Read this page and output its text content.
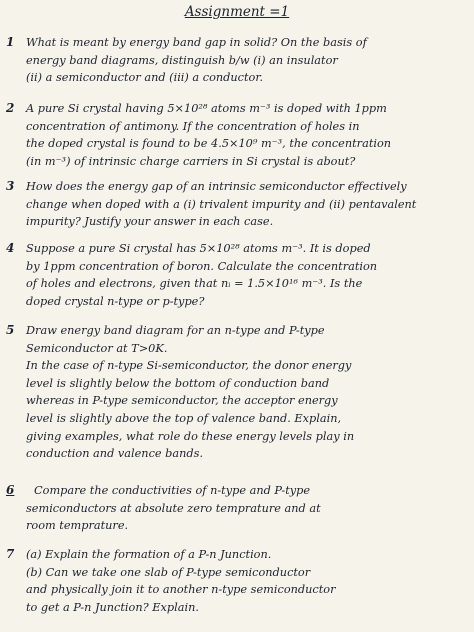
Assignment =1
1	What is meant by energy band gap in solid? On the basis of
energy band diagrams, distinguish b/w (i) an insulator
(ii) a semiconductor and (iii) a conductor.
2	A pure Si crystal having 5×10²⁸ atoms m⁻³ is doped with 1ppm
concentration of antimony. If the concentration of holes in
the doped crystal is found to be 4.5×10⁹ m⁻³, the concentration
(in m⁻³) of intrinsic charge carriers in Si crystal is about?
3	How does the energy gap of an intrinsic semiconductor effectively
change when doped with a (i) trivalent impurity and (ii) pentavalent
impurity? Justify your answer in each case.
4	Suppose a pure Si crystal has 5×10²⁸ atoms m⁻³. It is doped
by 1ppm concentration of boron. Calculate the concentration
of holes and electrons, given that nᵢ = 1.5×10¹⁶ m⁻³. Is the
doped crystal n-type or p-type?
5	Draw energy band diagram for an n-type and P-type
Semiconductor at T>0K.
In the case of n-type Si-semiconductor, the donor energy
level is slightly below the bottom of conduction band
whereas in P-type semiconductor, the acceptor energy
level is slightly above the top of valence band. Explain,
giving examples, what role do these energy levels play in
conduction and valence bands.
6	Compare the conductivities of n-type and P-type
semiconductors at absolute zero temprature and at
room temprature.
7	(a) Explain the formation of a P-n Junction.
(b) Can we take one slab of P-type semiconductor
and physically join it to another n-type semiconductor
to get a P-n Junction? Explain.
